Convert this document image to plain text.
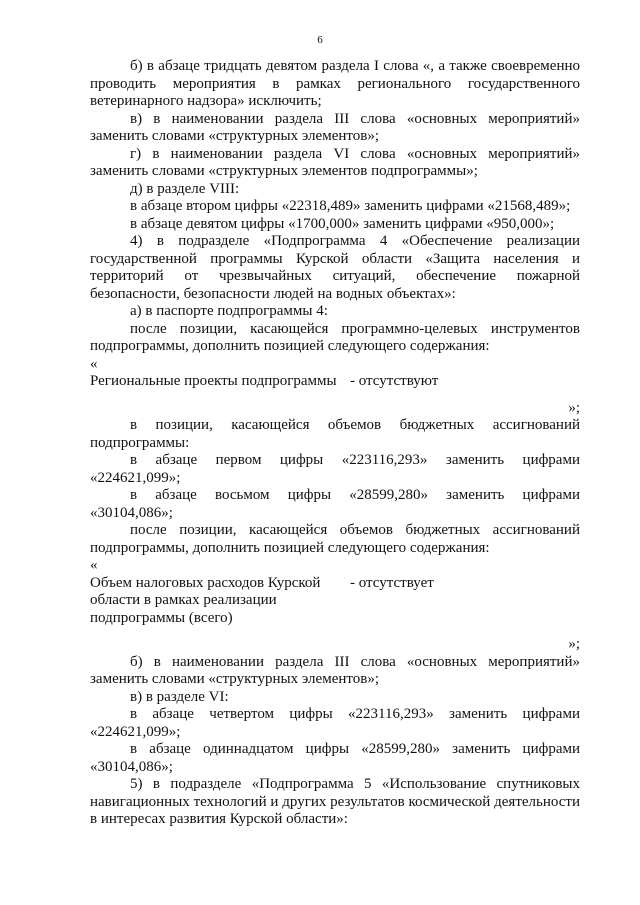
6

б) в абзаце тридцать девятом раздела I слова «, а также своевременно проводить мероприятия в рамках регионального государственного ветеринарного надзора» исключить;

в) в наименовании раздела III слова «основных мероприятий» заменить словами «структурных элементов»;

г) в наименовании раздела VI слова «основных мероприятий» заменить словами «структурных элементов подпрограммы»;

д) в разделе VIII:

в абзаце втором цифры «22318,489» заменить цифрами «21568,489»;

в абзаце девятом цифры «1700,000» заменить цифрами «950,000»;

4) в подразделе «Подпрограмма 4 «Обеспечение реализации государственной программы Курской области «Защита населения и территорий от чрезвычайных ситуаций, обеспечение пожарной безопасности, безопасности людей на водных объектах»:

а) в паспорте подпрограммы 4:

после позиции, касающейся программно-целевых инструментов подпрограммы, дополнить позицией следующего содержания:

«

Региональные проекты подпрограммы - отсутствуют

»;

в позиции, касающейся объемов бюджетных ассигнований подпрограммы:

в абзаце первом цифры «223116,293» заменить цифрами «224621,099»;

в абзаце восьмом цифры «28599,280» заменить цифрами «30104,086»;

после позиции, касающейся объемов бюджетных ассигнований подпрограммы, дополнить позицией следующего содержания:

«

Объем налоговых расходов Курской области в рамках реализации подпрограммы (всего)
- отсутствует

»;

б) в наименовании раздела III слова «основных мероприятий» заменить словами «структурных элементов»;

в) в разделе VI:

в абзаце четвертом цифры «223116,293» заменить цифрами «224621,099»;

в абзаце одиннадцатом цифры «28599,280» заменить цифрами «30104,086»;

5) в подразделе «Подпрограмма 5 «Использование спутниковых навигационных технологий и других результатов космической деятельности в интересах развития Курской области»:
